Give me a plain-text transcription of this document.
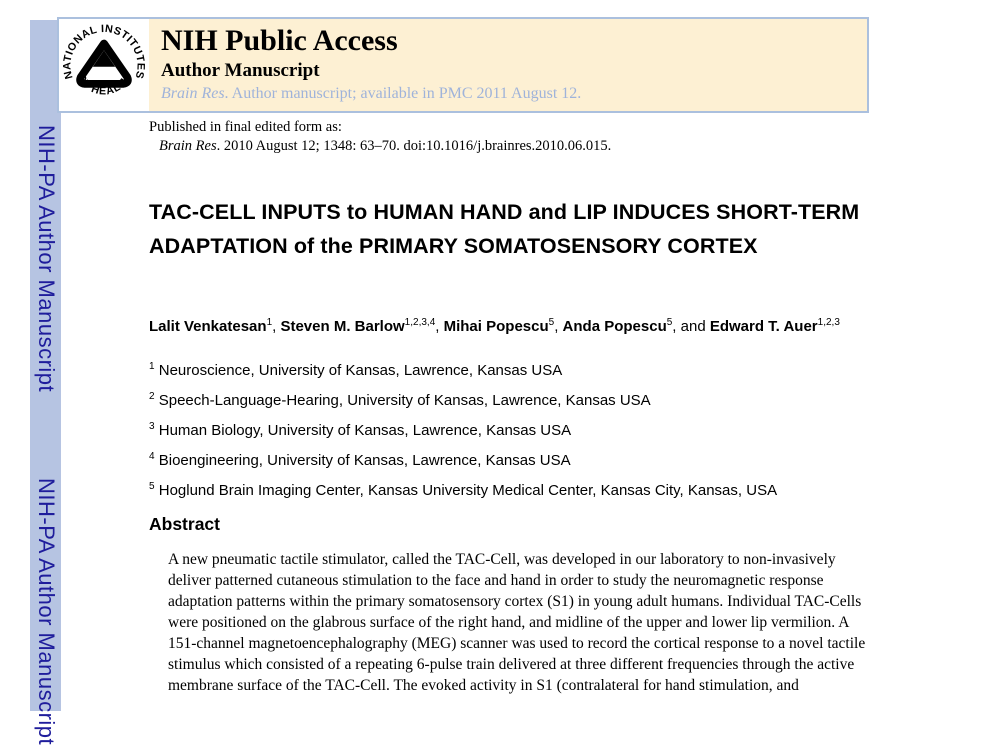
NIH-PA Author Manuscript
NIH-PA Author Manuscript
NATIONAL INSTITUTES
OF HEALTH
NIH Public Access
Author Manuscript
Brain Res. Author manuscript; available in PMC 2011 August 12.
Published in final edited form as:
Brain Res. 2010 August 12; 1348: 63–70. doi:10.1016/j.brainres.2010.06.015.
TAC-CELL INPUTS to HUMAN HAND and LIP INDUCES SHORT-TERM ADAPTATION of the PRIMARY SOMATOSENSORY CORTEX
Lalit Venkatesan$^1$, Steven M. Barlow$^{1,2,3,4}$, Mihai Popescu$^5$, Anda Popescu$^5$, and Edward T. Auer$^{1,2,3}$
$^1$ Neuroscience, University of Kansas, Lawrence, Kansas USA
$^2$ Speech-Language-Hearing, University of Kansas, Lawrence, Kansas USA
$^3$ Human Biology, University of Kansas, Lawrence, Kansas USA
$^4$ Bioengineering, University of Kansas, Lawrence, Kansas USA
$^5$ Hoglund Brain Imaging Center, Kansas University Medical Center, Kansas City, Kansas, USA
Abstract
A new pneumatic tactile stimulator, called the TAC-Cell, was developed in our laboratory to non-invasively deliver patterned cutaneous stimulation to the face and hand in order to study the neuromagnetic response adaptation patterns within the primary somatosensory cortex (S1) in young adult humans. Individual TAC-Cells were positioned on the glabrous surface of the right hand, and midline of the upper and lower lip vermilion. A 151-channel magnetoencephalography (MEG) scanner was used to record the cortical response to a novel tactile stimulus which consisted of a repeating 6-pulse train delivered at three different frequencies through the active membrane surface of the TAC-Cell. The evoked activity in S1 (contralateral for hand stimulation, and
